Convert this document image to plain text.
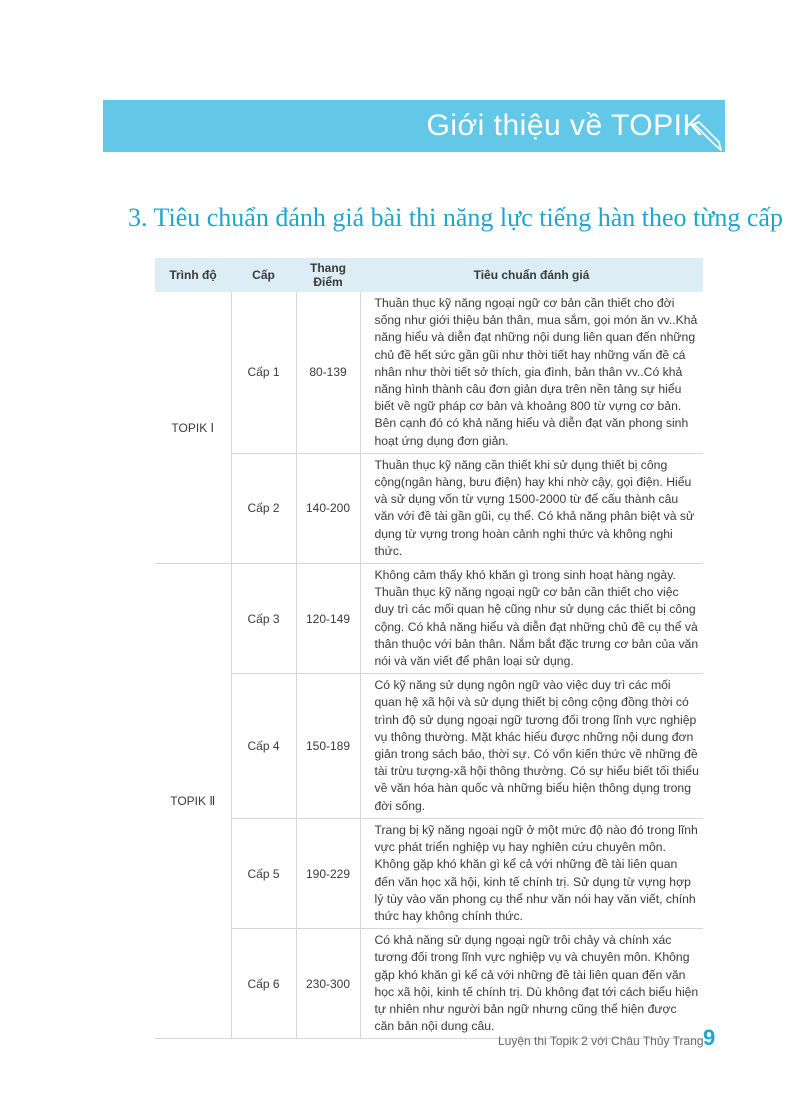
Giới thiệu về TOPIK
3. Tiêu chuẩn đánh giá bài thi năng lực tiếng hàn theo từng cấp
Trình độ	Cấp	Thang Điểm	Tiêu chuẩn đánh giá
TOPIK Ⅰ	Cấp 1	80-139	Thuần thục kỹ năng ngoại ngữ cơ bản cần thiết cho đời sống như giới thiệu bản thân, mua sắm, gọi món ăn vv..Khả năng hiểu và diễn đạt những nội dung liên quan đến những chủ đề hết sức gần gũi như thời tiết hay những vấn đề cá nhân như thời tiết sở thích, gia đình, bản thân vv..Có khả năng hình thành câu đơn giản dựa trên nền tảng sự hiểu biết về ngữ pháp cơ bản và khoảng 800 từ vựng cơ bản. Bên cạnh đó có khả năng hiểu và diễn đạt văn phong sinh hoạt ứng dụng đơn giản.
	Cấp 2	140-200	Thuần thục kỹ năng cần thiết khi sử dụng thiết bị công cộng(ngân hàng, bưu điện) hay khi nhờ cậy, gọi điện. Hiểu và sử dụng vốn từ vựng 1500-2000 từ để cấu thành câu văn với đề tài gần gũi, cụ thể. Có khả năng phân biệt và sử dụng từ vựng trong hoàn cảnh nghi thức và không nghi thức.
TOPIK Ⅱ	Cấp 3	120-149	Không cảm thấy khó khăn gì trong sinh hoạt hàng ngày. Thuần thục kỹ năng ngoại ngữ cơ bản cần thiết cho việc duy trì các mối quan hệ cũng như sử dụng các thiết bị công cộng. Có khả năng hiểu và diễn đạt những chủ đề cụ thể và thân thuộc với bản thân. Nắm bắt đặc trưng cơ bản của văn nói và văn viết để phân loại sử dụng.
	Cấp 4	150-189	Có kỹ năng sử dụng ngôn ngữ vào việc duy trì các mối quan hệ xã hội và sử dụng thiết bị công cộng đồng thời có trình độ sử dụng ngoại ngữ tương đối trong lĩnh vực nghiệp vụ thông thường. Mặt khác hiểu được những nội dung đơn giản trong sách báo, thời sự. Có vốn kiến thức về những đề tài trừu tượng-xã hội thông thường. Có sự hiểu biết tối thiểu về văn hóa hàn quốc và những biểu hiện thông dụng trong đời sống.
	Cấp 5	190-229	Trang bị kỹ năng ngoại ngữ ở một mức độ nào đó trong lĩnh vực phát triển nghiệp vụ hay nghiên cứu chuyên môn. Không gặp khó khăn gì kể cả với những đề tài liên quan đến văn học xã hội, kinh tế chính trị. Sử dụng từ vựng hợp lý tùy vào văn phong cụ thể như văn nói hay văn viết, chính thức hay không chính thức.
	Cấp 6	230-300	Có khả năng sử dụng ngoại ngữ trôi chảy và chính xác tương đối trong lĩnh vực nghiệp vụ và chuyên môn. Không gặp khó khăn gì kể cả với những đề tài liên quan đến văn học xã hội, kinh tế chính trị. Dù không đạt tới cách biểu hiện tự nhiên như người bản ngữ nhưng cũng thể hiện được căn bản nội dung câu.
Luyện thi Topik 2 với Châu Thủy Trang 9
